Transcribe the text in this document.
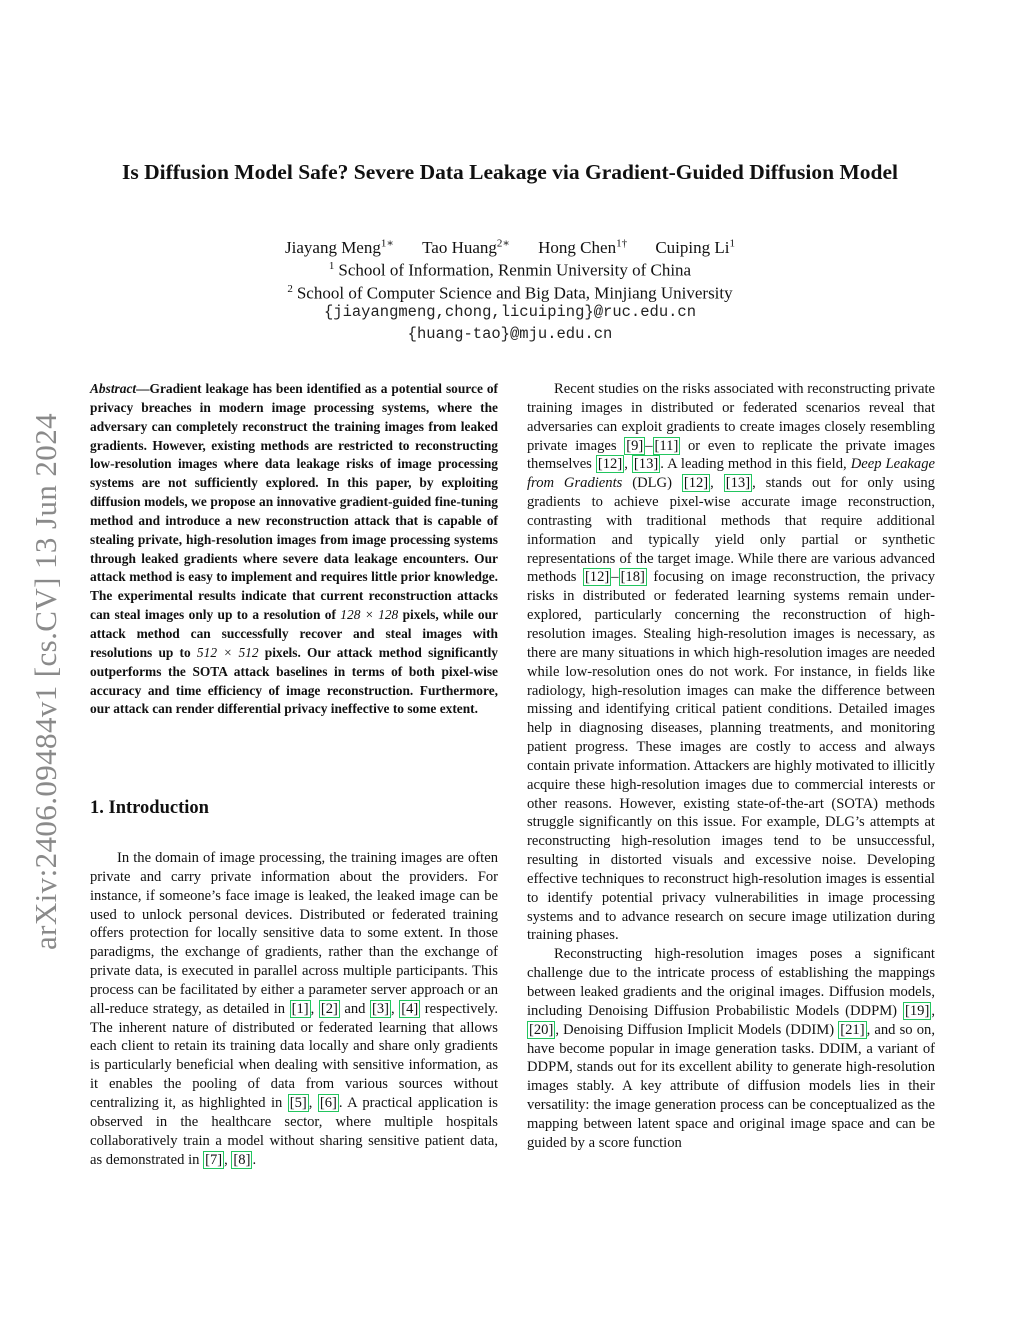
arXiv:2406.09484v1 [cs.CV] 13 Jun 2024
Is Diffusion Model Safe? Severe Data Leakage via Gradient-Guided Diffusion Model
Jiayang Meng$^{1∗}$ Tao Huang$^{2∗}$ Hong Chen$^{1\dagger}$ Cuiping Li$^1$
$^1$ School of Information, Renmin University of China
$^2$ School of Computer Science and Big Data, Minjiang University
{jiayangmeng,chong,licuiping}@ruc.edu.cn
{huang-tao}@mju.edu.cn
Abstract—Gradient leakage has been identified as a potential source of privacy breaches in modern image processing systems, where the adversary can completely reconstruct the training images from leaked gradients. However, existing methods are restricted to reconstructing low-resolution images where data leakage risks of image processing systems are not sufficiently explored. In this paper, by exploiting diffusion models, we propose an innovative gradient-guided fine-tuning method and introduce a new reconstruction attack that is capable of stealing private, high-resolution images from image processing systems through leaked gradients where severe data leakage encounters. Our attack method is easy to implement and requires little prior knowledge. The experimental results indicate that current reconstruction attacks can steal images only up to a resolution of 128 × 128 pixels, while our attack method can successfully recover and steal images with resolutions up to 512 × 512 pixels. Our attack method significantly outperforms the SOTA attack baselines in terms of both pixel-wise accuracy and time efficiency of image reconstruction. Furthermore, our attack can render differential privacy ineffective to some extent.
1. Introduction

In the domain of image processing, the training images are often private and carry private information about the providers. For instance, if someone’s face image is leaked, the leaked image can be used to unlock personal devices. Distributed or federated training offers protection for locally sensitive data to some extent. In those paradigms, the exchange of gradients, rather than the exchange of private data, is executed in parallel across multiple participants. This process can be facilitated by either a parameter server approach or an all-reduce strategy, as detailed in [1] , [2] and [3] , [4] respectively. The inherent nature of distributed or federated learning that allows each client to retain its training data locally and share only gradients is particularly beneficial when dealing with sensitive information, as it enables the pooling of data from various sources without centralizing it, as highlighted in [5] , [6] . A practical application is observed in the healthcare sector, where multiple hospitals collaboratively train a model without sharing sensitive patient data, as demonstrated in [7] , [8] .

Recent studies on the risks associated with reconstructing private training images in distributed or federated scenarios reveal that adversaries can exploit gradients to create images closely resembling private images [9] – [11] or even to replicate the private images themselves [12] , [13] . A leading method in this field, Deep Leakage from Gradients (DLG) [12] , [13] , stands out for only using gradients to achieve pixel-wise accurate image reconstruction, contrasting with traditional methods that require additional information and typically yield only partial or synthetic representations of the target image. While there are various advanced methods [12] – [18] focusing on image reconstruction, the privacy risks in distributed or federated learning systems remain under-explored, particularly concerning the reconstruction of high-resolution images. Stealing high-resolution images is necessary, as there are many situations in which high-resolution images are needed while low-resolution ones do not work. For instance, in fields like radiology, high-resolution images can make the difference between missing and identifying critical patient conditions. Detailed images help in diagnosing diseases, planning treatments, and monitoring patient progress. These images are costly to access and always contain private information. Attackers are highly motivated to illicitly acquire these high-resolution images due to commercial interests or other reasons. However, existing state-of-the-art (SOTA) methods struggle significantly on this issue. For example, DLG’s attempts at reconstructing high-resolution images tend to be unsuccessful, resulting in distorted visuals and excessive noise. Developing effective techniques to reconstruct high-resolution images is essential to identify potential privacy vulnerabilities in image processing systems and to advance research on secure image utilization during training phases.

Reconstructing high-resolution images poses a significant challenge due to the intricate process of establishing the mappings between leaked gradients and the original images. Diffusion models, including Denoising Diffusion Probabilistic Models (DDPM) [19] , [20] , Denoising Diffusion Implicit Models (DDIM) [21] , and so on, have become popular in image generation tasks. DDIM, a variant of DDPM, stands out for its excellent ability to generate high-resolution images stably. A key attribute of diffusion models lies in their versatility: the image generation process can be conceptualized as the mapping between latent space and original image space and can be guided by a score function
